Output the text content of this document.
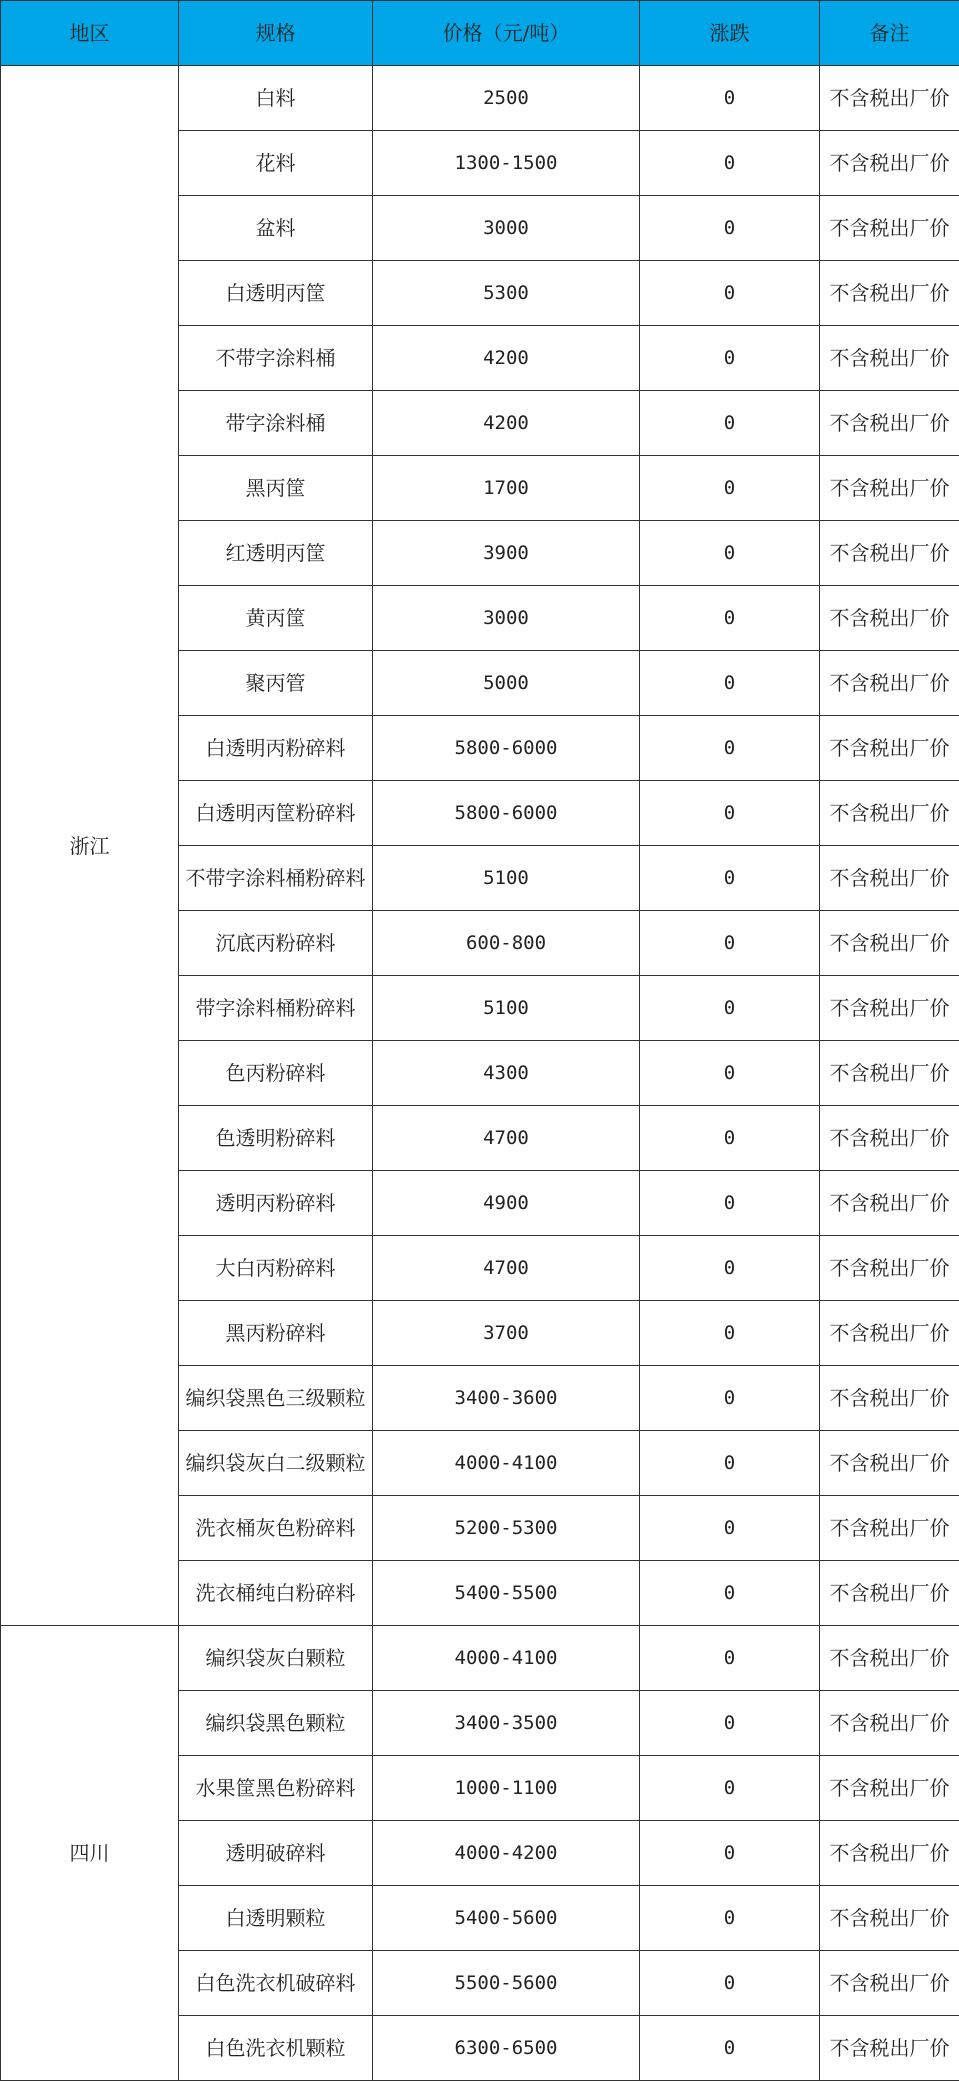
地区	规格	价格（元/吨）	涨跌	备注
浙江	白料	2500	0	不含税出厂价
	花料	1300-1500	0	不含税出厂价
	盆料	3000	0	不含税出厂价
	白透明丙筐	5300	0	不含税出厂价
	不带字涂料桶	4200	0	不含税出厂价
	带字涂料桶	4200	0	不含税出厂价
	黑丙筐	1700	0	不含税出厂价
	红透明丙筐	3900	0	不含税出厂价
	黄丙筐	3000	0	不含税出厂价
	聚丙管	5000	0	不含税出厂价
	白透明丙粉碎料	5800-6000	0	不含税出厂价
	白透明丙筐粉碎料	5800-6000	0	不含税出厂价
	不带字涂料桶粉碎料	5100	0	不含税出厂价
	沉底丙粉碎料	600-800	0	不含税出厂价
	带字涂料桶粉碎料	5100	0	不含税出厂价
	色丙粉碎料	4300	0	不含税出厂价
	色透明粉碎料	4700	0	不含税出厂价
	透明丙粉碎料	4900	0	不含税出厂价
	大白丙粉碎料	4700	0	不含税出厂价
	黑丙粉碎料	3700	0	不含税出厂价
	编织袋黑色三级颗粒	3400-3600	0	不含税出厂价
	编织袋灰白二级颗粒	4000-4100	0	不含税出厂价
	洗衣桶灰色粉碎料	5200-5300	0	不含税出厂价
	洗衣桶纯白粉碎料	5400-5500	0	不含税出厂价
四川	编织袋灰白颗粒	4000-4100	0	不含税出厂价
	编织袋黑色颗粒	3400-3500	0	不含税出厂价
	水果筐黑色粉碎料	1000-1100	0	不含税出厂价
	透明破碎料	4000-4200	0	不含税出厂价
	白透明颗粒	5400-5600	0	不含税出厂价
	白色洗衣机破碎料	5500-5600	0	不含税出厂价
	白色洗衣机颗粒	6300-6500	0	不含税出厂价
